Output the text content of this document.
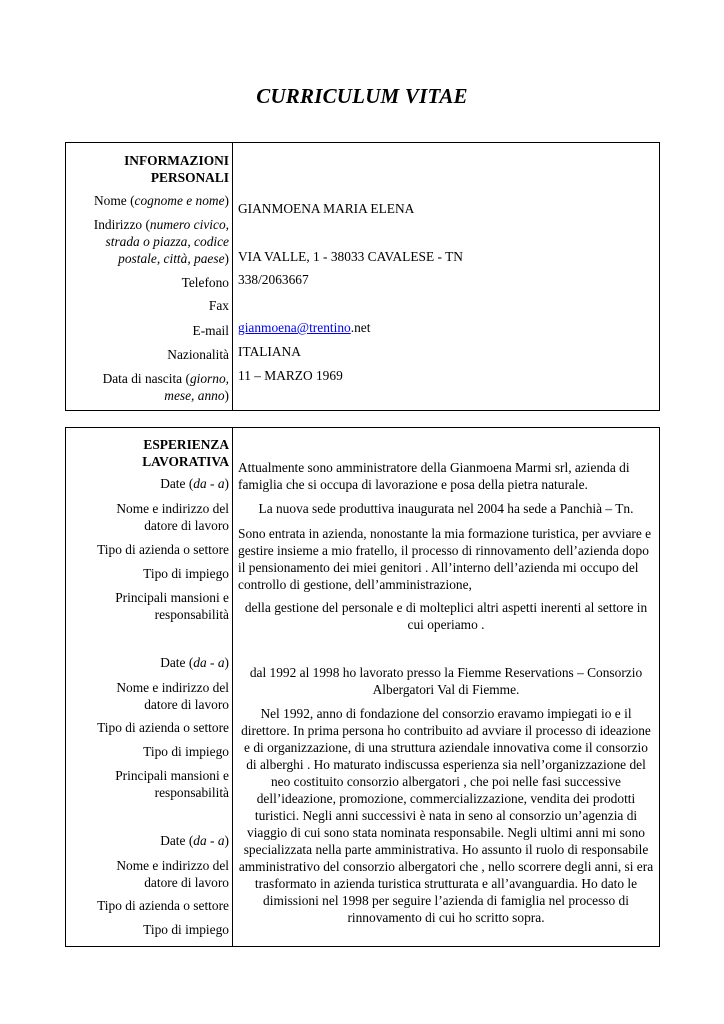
CURRICULUM VITAE
INFORMAZIONI
PERSONALI
Nome (cognome e nome)
GIANMOENA MARIA ELENA
Indirizzo (numero civico,
strada o piazza, codice
postale, città, paese) VIA VALLE, 1 - 38033 CAVALESE - TN
Telefono 338/2063667
Fax
E-mail gianmoena@trentino.net
Nazionalità ITALIANA
Data di nascita (giorno,
mese, anno)
11 – MARZO 1969
ESPERIENZA
LAVORATIVA
Date (da - a)
Nome e indirizzo del
datore di lavoro
Tipo di azienda o settore
Tipo di impiego
Principali mansioni e
responsabilità
Date (da - a)
Nome e indirizzo del
datore di lavoro
Tipo di azienda o settore
Tipo di impiego
Principali mansioni e
responsabilità
Date (da - a)
Nome e indirizzo del
datore di lavoro
Tipo di azienda o settore
Tipo di impiego
Attualmente sono amministratore della Gianmoena Marmi srl, azienda di famiglia che si occupa di lavorazione e posa della pietra naturale.
La nuova sede produttiva inaugurata nel 2004 ha sede a Panchià – Tn.
Sono entrata in azienda, nonostante la mia formazione turistica, per avviare e gestire insieme a mio fratello, il processo di rinnovamento dell’azienda dopo il pensionamento dei miei genitori . All’interno dell’azienda mi occupo del controllo di gestione, dell’amministrazione,
della gestione del personale e di molteplici altri aspetti inerenti al settore in cui operiamo .
dal 1992 al 1998 ho lavorato presso la Fiemme Reservations – Consorzio Albergatori Val di Fiemme.
Nel 1992, anno di fondazione del consorzio eravamo impiegati io e il direttore. In prima persona ho contribuito ad avviare il processo di ideazione e di organizzazione, di una struttura aziendale innovativa come il consorzio di alberghi . Ho maturato indiscussa esperienza sia nell’organizzazione del neo costituito consorzio albergatori , che poi nelle fasi successive dell’ideazione, promozione, commercializzazione, vendita dei prodotti turistici. Negli anni successivi è nata in seno al consorzio un’agenzia di viaggio di cui sono stata nominata responsabile. Negli ultimi anni mi sono specializzata nella parte amministrativa. Ho assunto il ruolo di responsabile amministrativo del consorzio albergatori che , nello scorrere degli anni, si era trasformato in azienda turistica strutturata e all’avanguardia. Ho dato le dimissioni nel 1998 per seguire l’azienda di famiglia nel processo di rinnovamento di cui ho scritto sopra.
